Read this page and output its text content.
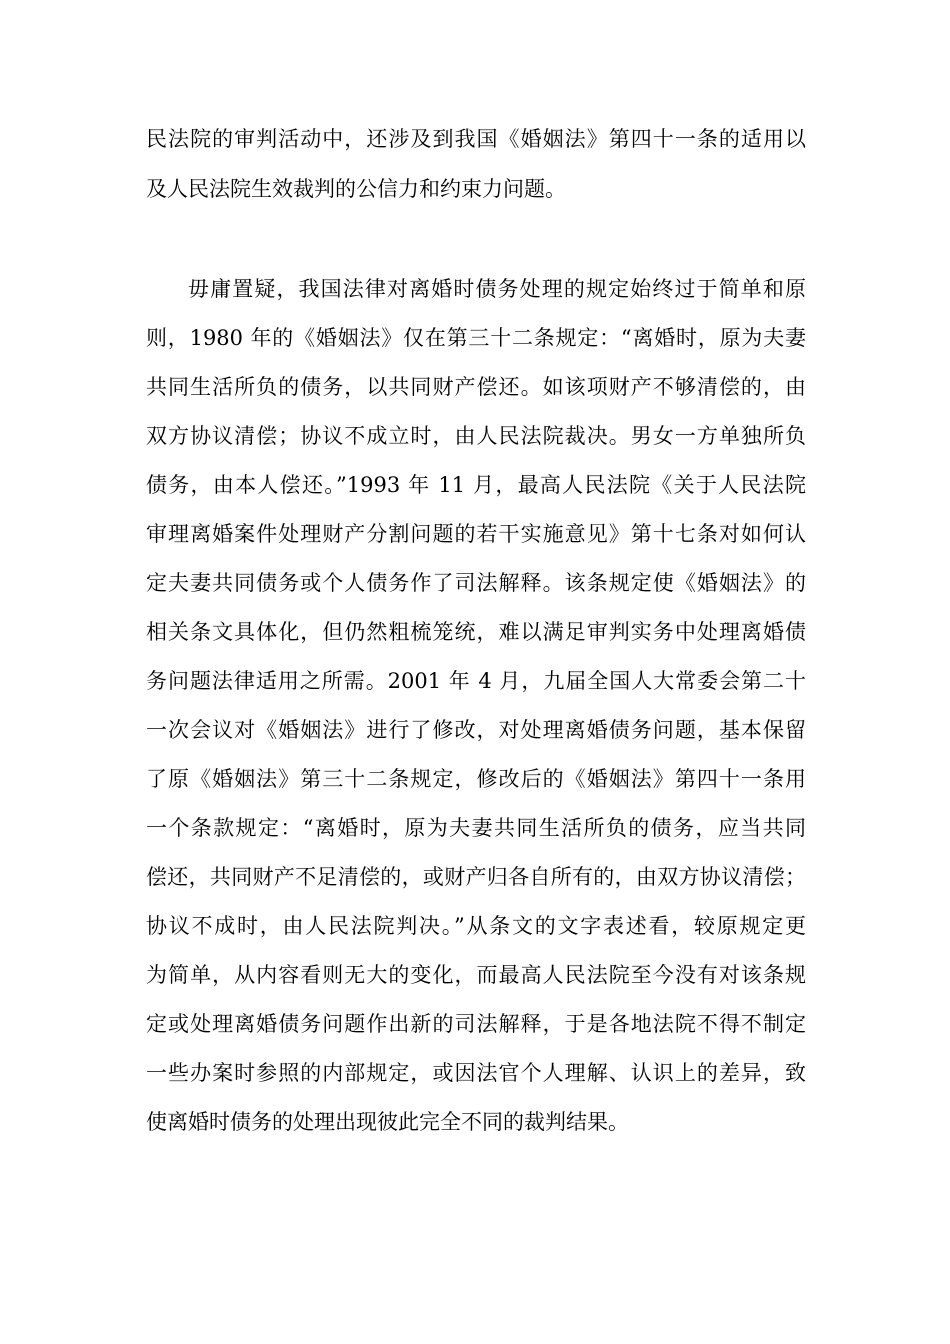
民法院的审判活动中，还涉及到我国《婚姻法》第四十一条的适用以
及人民法院生效裁判的公信力和约束力问题。
毋庸置疑，我国法律对离婚时债务处理的规定始终过于简单和原
则，1980 年的《婚姻法》仅在第三十二条规定：“离婚时，原为夫妻
共同生活所负的债务，以共同财产偿还。如该项财产不够清偿的，由
双方协议清偿；协议不成立时，由人民法院裁决。男女一方单独所负
债务，由本人偿还。”1993 年 11 月，最高人民法院《关于人民法院
审理离婚案件处理财产分割问题的若干实施意见》第十七条对如何认
定夫妻共同债务或个人债务作了司法解释。该条规定使《婚姻法》的
相关条文具体化，但仍然粗梳笼统，难以满足审判实务中处理离婚债
务问题法律适用之所需。2001 年 4 月，九届全国人大常委会第二十
一次会议对《婚姻法》进行了修改，对处理离婚债务问题，基本保留
了原《婚姻法》第三十二条规定，修改后的《婚姻法》第四十一条用
一个条款规定：“离婚时，原为夫妻共同生活所负的债务，应当共同
偿还，共同财产不足清偿的，或财产归各自所有的，由双方协议清偿；
协议不成时，由人民法院判决。”从条文的文字表述看，较原规定更
为简单，从内容看则无大的变化，而最高人民法院至今没有对该条规
定或处理离婚债务问题作出新的司法解释，于是各地法院不得不制定
一些办案时参照的内部规定，或因法官个人理解、认识上的差异，致
使离婚时债务的处理出现彼此完全不同的裁判结果。
